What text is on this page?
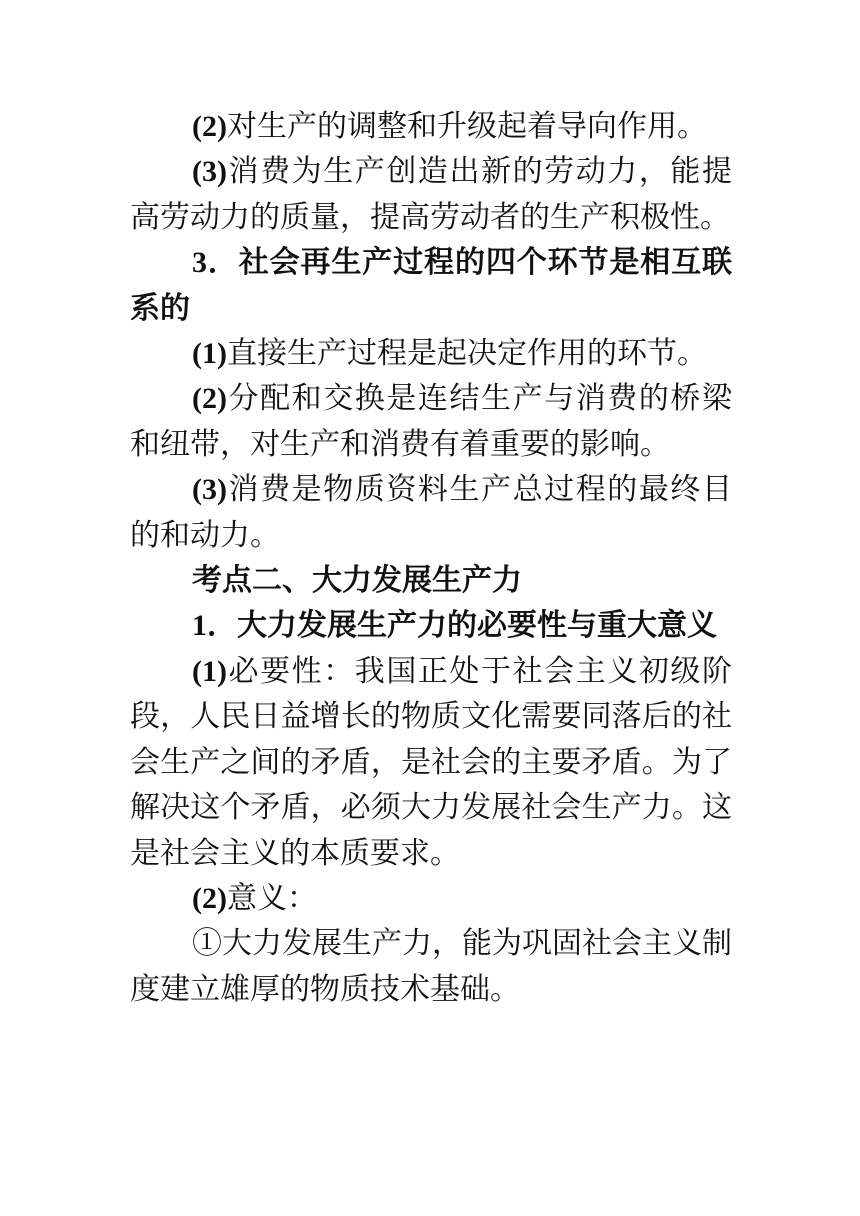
(2)对生产的调整和升级起着导向作用。

(3)消费为生产创造出新的劳动力，能提高劳动力的质量，提高劳动者的生产积极性。

3．社会再生产过程的四个环节是相互联系的

(1)直接生产过程是起决定作用的环节。

(2)分配和交换是连结生产与消费的桥梁和纽带，对生产和消费有着重要的影响。

(3)消费是物质资料生产总过程的最终目的和动力。

考点二、大力发展生产力

1．大力发展生产力的必要性与重大意义

(1)必要性：我国正处于社会主义初级阶段，人民日益增长的物质文化需要同落后的社会生产之间的矛盾，是社会的主要矛盾。为了解决这个矛盾，必须大力发展社会生产力。这是社会主义的本质要求。

(2)意义：

①大力发展生产力，能为巩固社会主义制度建立雄厚的物质技术基础。
